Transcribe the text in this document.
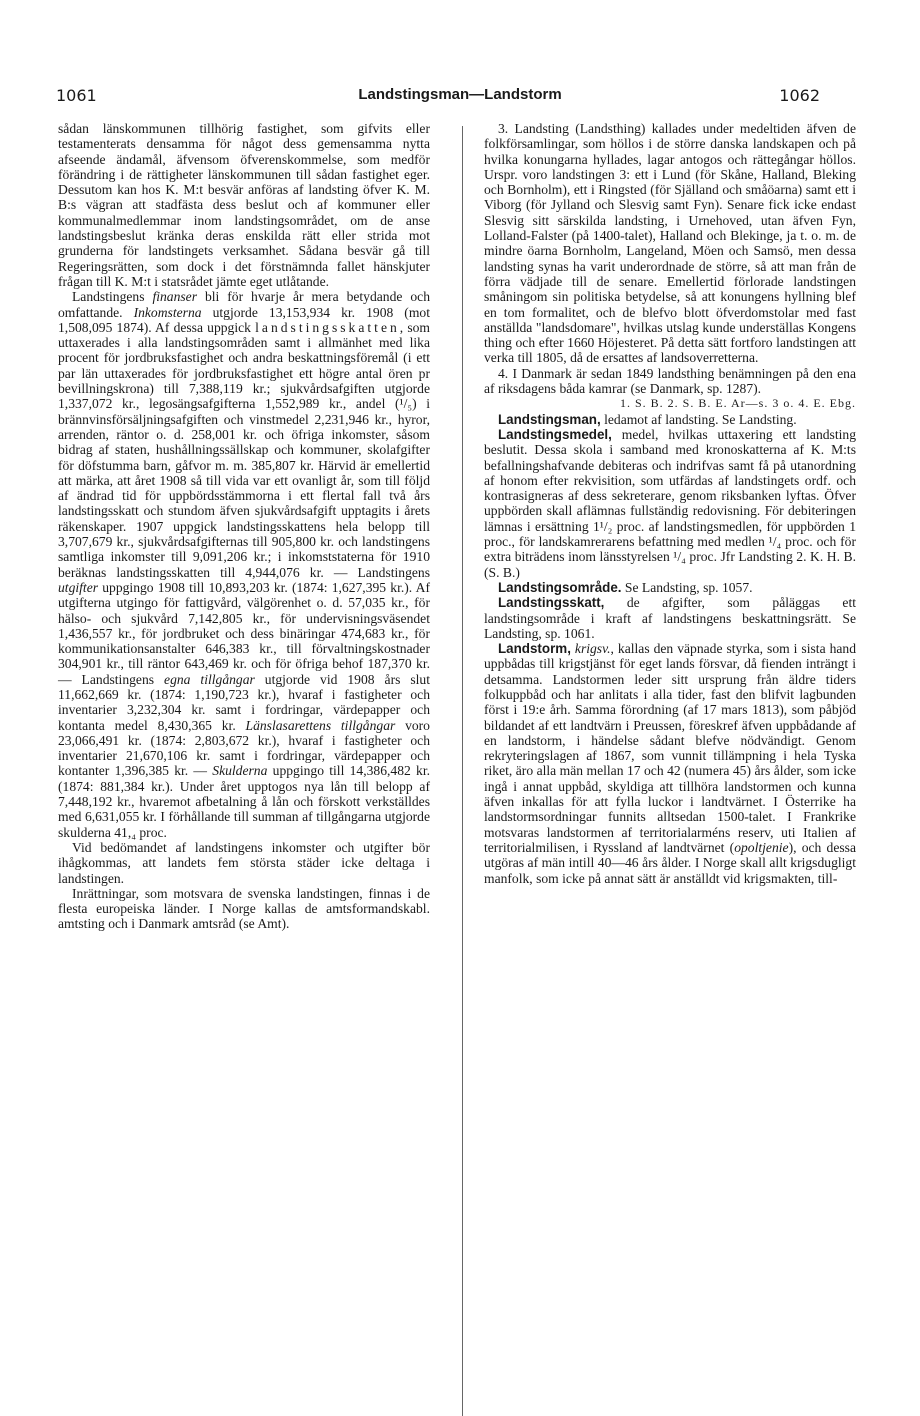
1061	Landstingsman—Landstorm	1062

sådan länskommunen tillhörig fastighet, som gifvits eller testamenterats densamma för något dess gemensamma nytta afseende ändamål, äfvensom öfverenskommelse, som medför förändring i de rättigheter länskommunen till sådan fastighet eger. Dessutom kan hos K. M:t besvär anföras af landsting öfver K. M. B:s vägran att stadfästa dess beslut och af kommuner eller kommunalmedlemmar inom landstingsområdet, om de anse landstingsbeslut kränka deras enskilda rätt eller strida mot grunderna för landstingets verksamhet. Sådana besvär gå till Regeringsrätten, som dock i det förstnämnda fallet hänskjuter frågan till K. M:t i statsrådet jämte eget utlåtande.

Landstingens finanser bli för hvarje år mera betydande och omfattande. Inkomsterna utgjorde 13,153,934 kr. 1908 (mot 1,508,095 1874). Af dessa uppgick landstingsskatten, som uttaxerades i alla landstingsområden samt i allmänhet med lika procent för jordbruksfastighet och andra beskattningsföremål (i ett par län uttaxerades för jordbruksfastighet ett högre antal ören pr bevillningskrona) till 7,388,119 kr.; sjukvårdsafgiften utgjorde 1,337,072 kr., legosängsafgifterna 1,552,989 kr., andel (¹/₅) i brännvinsförsäljningsafgiften och vinstmedel 2,231,946 kr., hyror, arrenden, räntor o. d. 258,001 kr. och öfriga inkomster, såsom bidrag af staten, hushållningssällskap och kommuner, skolafgifter för döfstumma barn, gåfvor m. m. 385,807 kr. Härvid är emellertid att märka, att året 1908 så till vida var ett ovanligt år, som till följd af ändrad tid för uppbördsstämmorna i ett flertal fall två års landstingsskatt och stundom äfven sjukvårdsafgift upptagits i årets räkenskaper. 1907 uppgick landstingsskattens hela belopp till 3,707,679 kr., sjukvårdsafgifternas till 905,800 kr. och landstingens samtliga inkomster till 9,091,206 kr.; i inkomststaterna för 1910 beräknas landstingsskatten till 4,944,076 kr. — Landstingens utgifter uppgingo 1908 till 10,893,203 kr. (1874: 1,627,395 kr.). Af utgifterna utgingo för fattigvård, välgörenhet o. d. 57,035 kr., för hälso- och sjukvård 7,142,805 kr., för undervisningsväsendet 1,436,557 kr., för jordbruket och dess binäringar 474,683 kr., för kommunikationsanstalter 646,383 kr., till förvaltningskostnader 304,901 kr., till räntor 643,469 kr. och för öfriga behof 187,370 kr. — Landstingens egna tillgångar utgjorde vid 1908 års slut 11,662,669 kr. (1874: 1,190,723 kr.), hvaraf i fastigheter och inventarier 3,232,304 kr. samt i fordringar, värdepapper och kontanta medel 8,430,365 kr. Länslasarettens tillgångar voro 23,066,491 kr. (1874: 2,803,672 kr.), hvaraf i fastigheter och inventarier 21,670,106 kr. samt i fordringar, värdepapper och kontanter 1,396,385 kr. — Skulderna uppgingo till 14,386,482 kr. (1874: 881,384 kr.). Under året upptogos nya lån till belopp af 7,448,192 kr., hvaremot afbetalning å lån och förskott verkställdes med 6,631,055 kr. I förhållande till summan af tillgångarna utgjorde skulderna 41,₄ proc.

Vid bedömandet af landstingens inkomster och utgifter bör ihågkommas, att landets fem största städer icke deltaga i landstingen.

Inrättningar, som motsvara de svenska landstingen, finnas i de flesta europeiska länder. I Norge kallas de amtsformandskabl. amtsting och i Danmark amtsråd (se Amt).

3. Landsting (Landsthing) kallades under medeltiden äfven de folkförsamlingar, som höllos i de större danska landskapen och på hvilka konungarna hyllades, lagar antogos och rättegångar höllos. Urspr. voro landstingen 3: ett i Lund (för Skåne, Halland, Bleking och Bornholm), ett i Ringsted (för Själland och småöarna) samt ett i Viborg (för Jylland och Slesvig samt Fyn). Senare fick icke endast Slesvig sitt särskilda landsting, i Urnehoved, utan äfven Fyn, Lolland-Falster (på 1400-talet), Halland och Blekinge, ja t. o. m. de mindre öarna Bornholm, Langeland, Möen och Samsö, men dessa landsting synas ha varit underordnade de större, så att man från de förra vädjade till de senare. Emellertid förlorade landstingen småningom sin politiska betydelse, så att konungens hyllning blef en tom formalitet, och de blefvo blott öfverdomstolar med fast anställda "landsdomare", hvilkas utslag kunde underställas Kongens thing och efter 1660 Höjesteret. På detta sätt fortforo landstingen att verka till 1805, då de ersattes af landsoverretterna.

4. I Danmark är sedan 1849 landsthing benämningen på den ena af riksdagens båda kamrar (se Danmark, sp. 1287).

1. S. B. 2. S. B. E. Ar—s. 3 o. 4. E. Ebg.

Landstingsman, ledamot af landsting. Se Landsting.

Landstingsmedel, medel, hvilkas uttaxering ett landsting beslutit. Dessa skola i samband med kronoskatterna af K. M:ts befallningshafvande debiteras och indrifvas samt få på utanordning af honom efter rekvisition, som utfärdas af landstingets ordf. och kontrasigneras af dess sekreterare, genom riksbanken lyftas. Öfver uppbörden skall aflämnas fullständig redovisning. För debiteringen lämnas i ersättning 1¹/₂ proc. af landstingsmedlen, för uppbörden 1 proc., för landskamrerarens befattning med medlen ¹/₄ proc. och för extra biträdens inom länsstyrelsen ¹/₄ proc. Jfr Landsting 2. K. H. B. (S. B.)

Landstingsområde. Se Landsting, sp. 1057.

Landstingsskatt, de afgifter, som påläggas ett landstingsområde i kraft af landstingens beskattningsrätt. Se Landsting, sp. 1061.

Landstorm, krigsv., kallas den väpnade styrka, som i sista hand uppbådas till krigstjänst för eget lands försvar, då fienden inträngt i detsamma. Landstormen leder sitt ursprung från äldre tiders folkuppbåd och har anlitats i alla tider, fast den blifvit lagbunden först i 19:e årh. Samma förordning (af 17 mars 1813), som påbjöd bildandet af ett landtvärn i Preussen, föreskref äfven uppbådande af en landstorm, i händelse sådant blefve nödvändigt. Genom rekryteringslagen af 1867, som vunnit tillämpning i hela Tyska riket, äro alla män mellan 17 och 42 (numera 45) års ålder, som icke ingå i annat uppbåd, skyldiga att tillhöra landstormen och kunna äfven inkallas för att fylla luckor i landtvärnet. I Österrike ha landstormsordningar funnits alltsedan 1500-talet. I Frankrike motsvaras landstormen af territorialarméns reserv, uti Italien af territorialmilisen, i Ryssland af landtvärnet (opoltjenie), och dessa utgöras af män intill 40—46 års ålder. I Norge skall allt krigsdugligt manfolk, som icke på annat sätt är anställdt vid krigsmakten, till-
